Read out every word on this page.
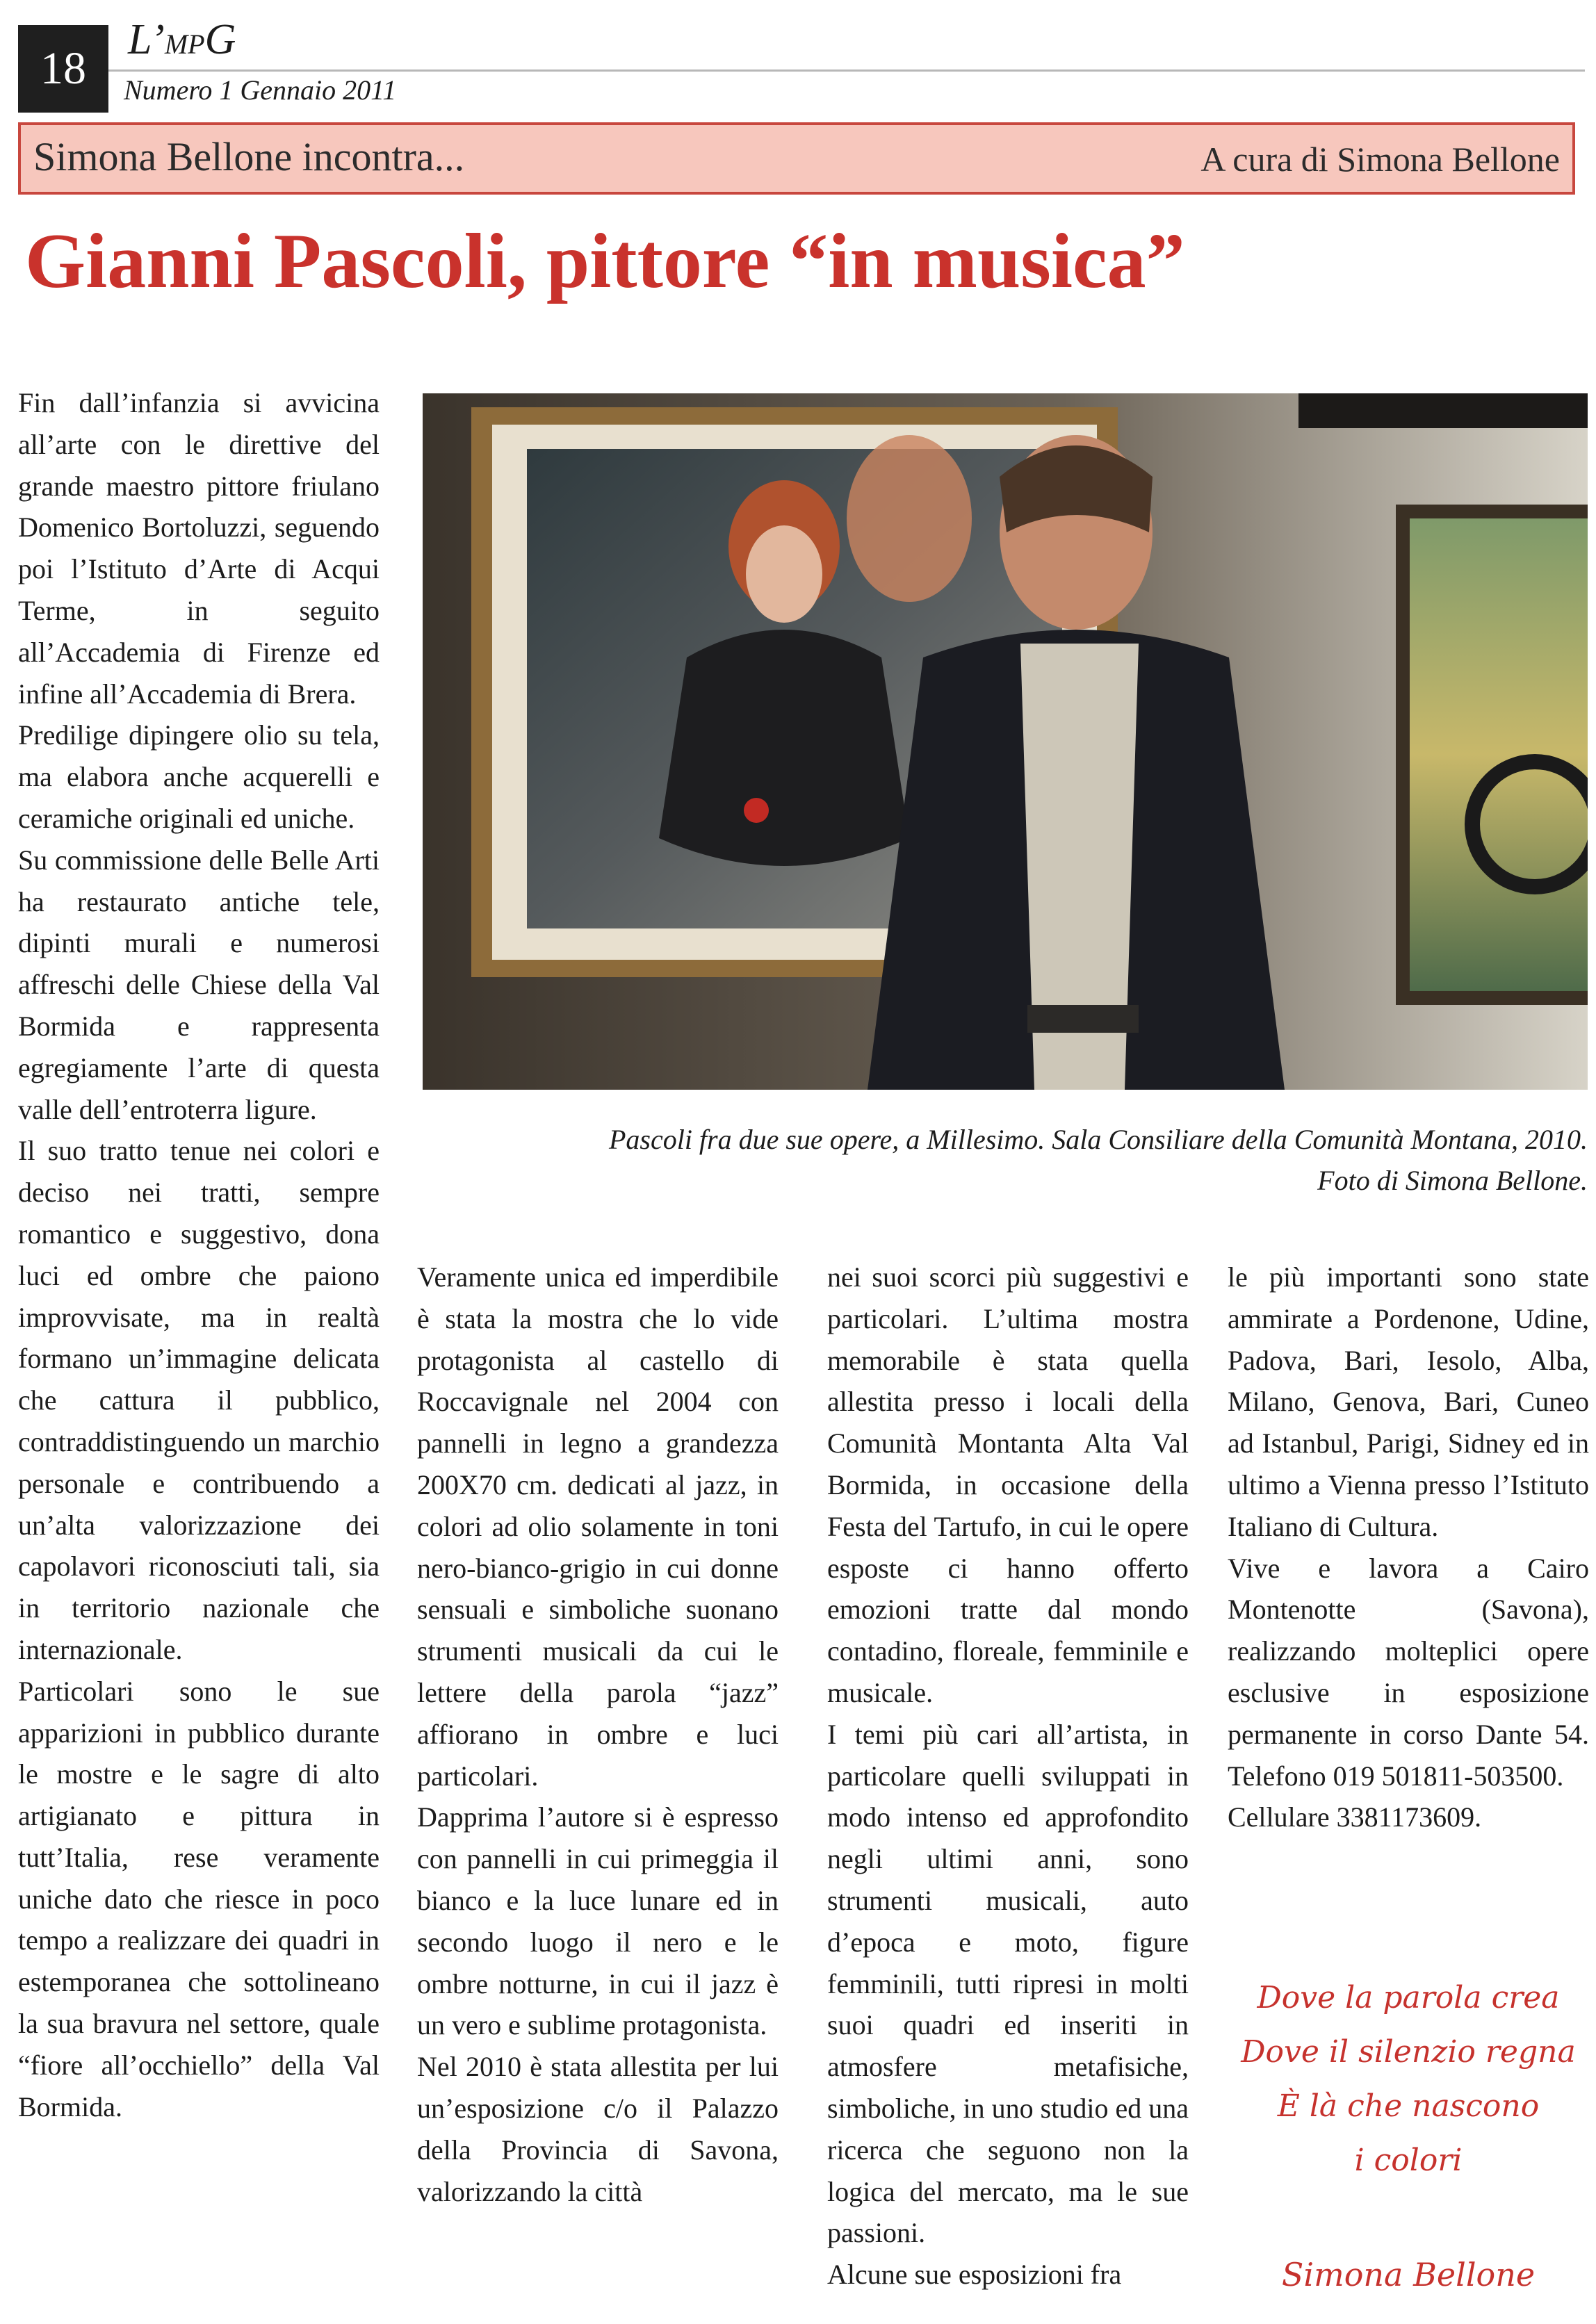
18
L’MPG
Numero 1 Gennaio 2011
Simona Bellone incontra...	A cura di Simona Bellone
Gianni Pascoli, pittore “in musica”
Pascoli fra due sue opere, a Millesimo. Sala Consiliare della Comunità Montana, 2010.
Foto di Simona Bellone.

Fin dall’infanzia si avvicina all’arte con le direttive del grande maestro pittore friulano Domenico Bortoluzzi, seguendo poi l’Istituto d’Arte di Acqui Terme, in seguito all’Accademia di Firenze ed infine all’Accademia di Brera.

Predilige dipingere olio su tela, ma elabora anche acquerelli e ceramiche originali ed uniche.

Su commissione delle Belle Arti ha restaurato antiche tele, dipinti murali e numerosi affreschi delle Chiese della Val Bormida e rappresenta egregiamente l’arte di questa valle dell’entroterra ligure.

Il suo tratto tenue nei colori e deciso nei tratti, sempre romantico e suggestivo, dona luci ed ombre che paiono improvvisate, ma in realtà formano un’immagine delicata che cattura il pubblico, contraddistinguendo un marchio personale e contribuendo a un’alta valorizzazione dei capolavori riconosciuti tali, sia in territorio nazionale che internazionale.

Particolari sono le sue apparizioni in pubblico durante le mostre e le sagre di alto artigianato e pittura in tutt’Italia, rese veramente uniche dato che riesce in poco tempo a realizzare dei quadri in estemporanea che sottolineano la sua bravura nel settore, quale “fiore all’occhiello” della Val Bormida.

Veramente unica ed imperdibile è stata la mostra che lo vide protagonista al castello di Roccavignale nel 2004 con pannelli in legno a grandezza 200X70 cm. dedicati al jazz, in colori ad olio solamente in toni nero-bianco-grigio in cui donne sensuali e simboliche suonano strumenti musicali da cui le lettere della parola “jazz” affiorano in ombre e luci particolari.

Dapprima l’autore si è espresso con pannelli in cui primeggia il bianco e la luce lunare ed in secondo luogo il nero e le ombre notturne, in cui il jazz è un vero e sublime protagonista.

Nel 2010 è stata allestita per lui un’esposizione c/o il Palazzo della Provincia di Savona, valorizzando la città

nei suoi scorci più suggestivi e particolari. L’ultima mostra memorabile è stata quella allestita presso i locali della Comunità Montanta Alta Val Bormida, in occasione della Festa del Tartufo, in cui le opere esposte ci hanno offerto emozioni tratte dal mondo contadino, floreale, femminile e musicale.

I temi più cari all’artista, in particolare quelli sviluppati in modo intenso ed approfondito negli ultimi anni, sono strumenti musicali, auto d’epoca e moto, figure femminili, tutti ripresi in molti suoi quadri ed inseriti in atmosfere metafisiche, simboliche, in uno studio ed una ricerca che seguono non la logica del mercato, ma le sue passioni.

Alcune sue esposizioni fra

le più importanti sono state ammirate a Pordenone, Udine, Padova, Bari, Iesolo, Alba, Milano, Genova, Bari, Cuneo ad Istanbul, Parigi, Sidney ed in ultimo a Vienna presso l’Istituto Italiano di Cultura.

Vive e lavora a Cairo Montenotte (Savona), realizzando molteplici opere esclusive in esposizione permanente in corso Dante 54. Telefono 019 501811-503500.

Cellulare 3381173609.

Dove la parola crea

Dove il silenzio regna

È là che nascono

i colori

Simona Bellone
